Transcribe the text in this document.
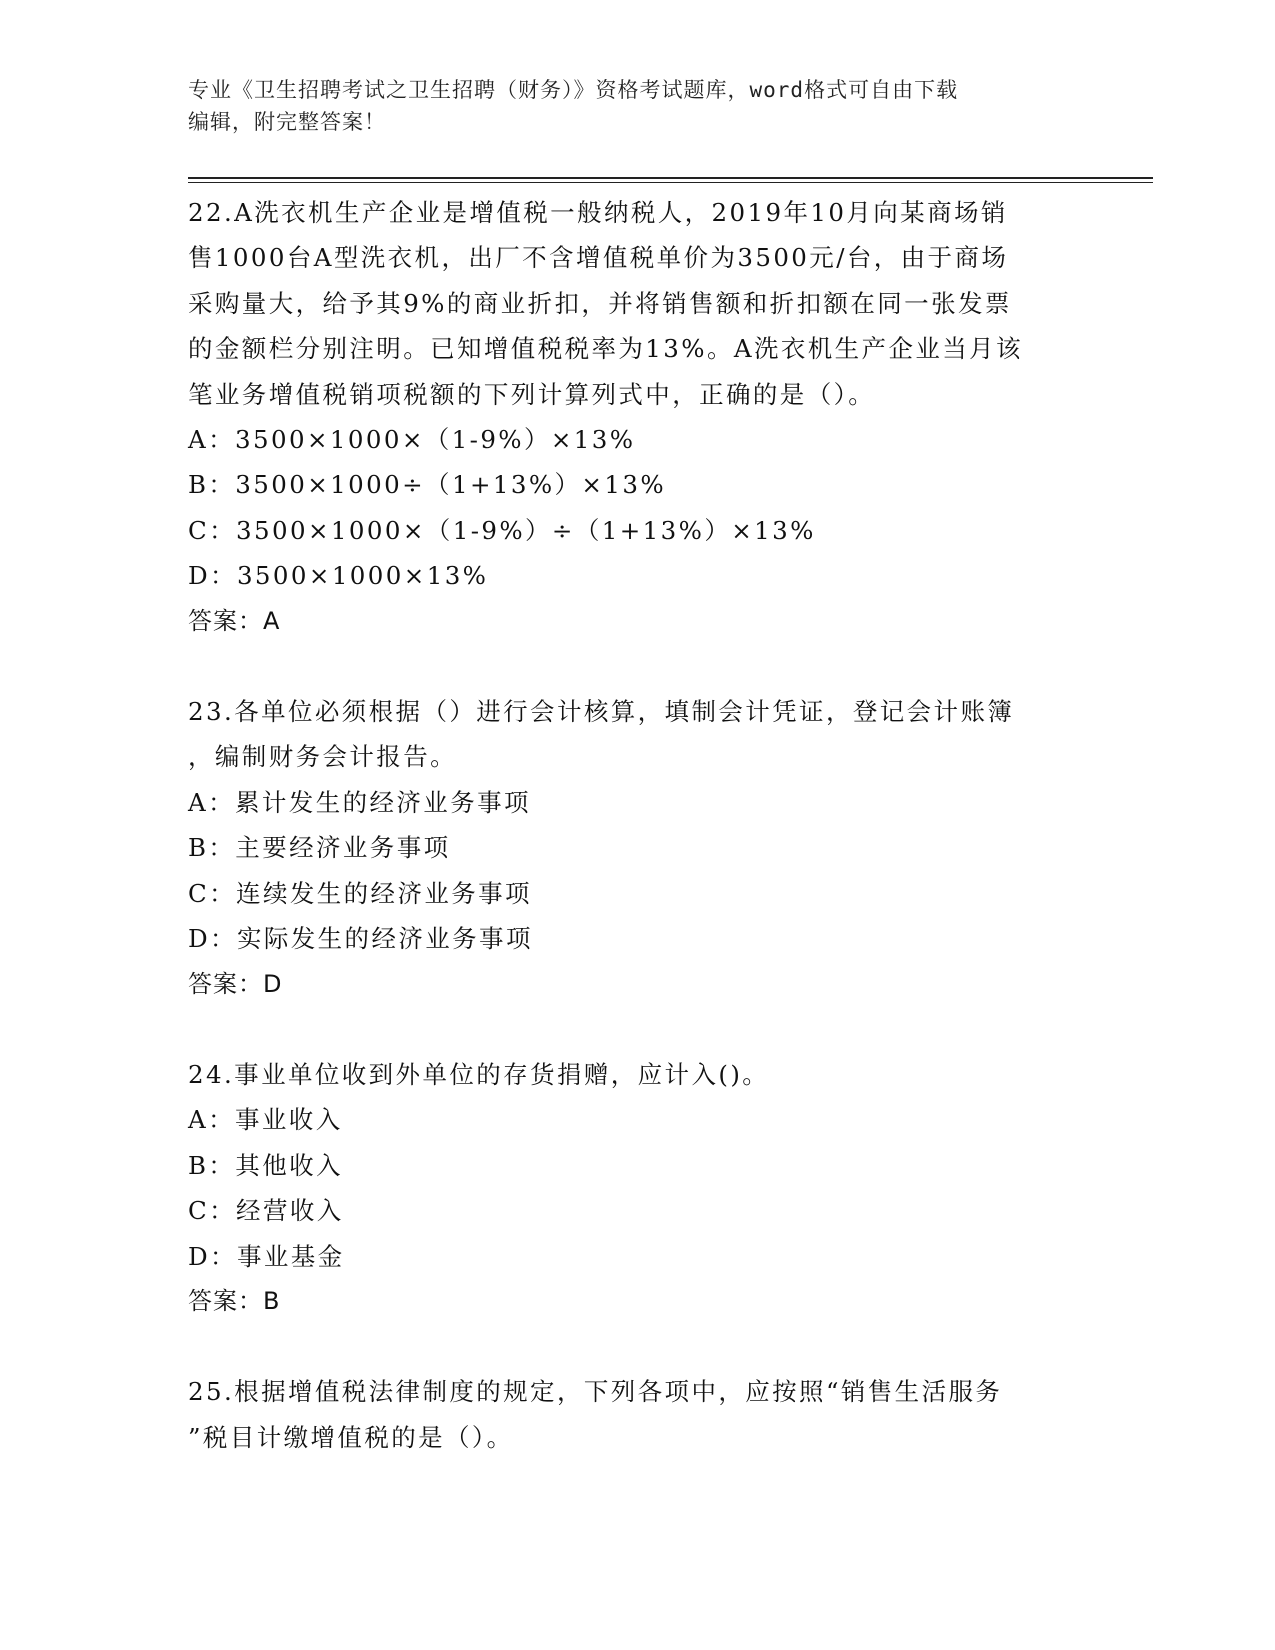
专业《卫生招聘考试之卫生招聘（财务）》资格考试题库，word格式可自由下载
编辑，附完整答案！
22.A洗衣机生产企业是增值税一般纳税人，2019年10月向某商场销
售1000台A型洗衣机，出厂不含增值税单价为3500元/台，由于商场
采购量大，给予其9%的商业折扣，并将销售额和折扣额在同一张发票
的金额栏分别注明。已知增值税税率为13%。A洗衣机生产企业当月该
笔业务增值税销项税额的下列计算列式中，正确的是（）。
A：3500×1000×（1-9%）×13%
B：3500×1000÷（1+13%）×13%
C：3500×1000×（1-9%）÷（1+13%）×13%
D：3500×1000×13%
答案：A
23.各单位必须根据（）进行会计核算，填制会计凭证，登记会计账簿
，编制财务会计报告。
A：累计发生的经济业务事项
B：主要经济业务事项
C：连续发生的经济业务事项
D：实际发生的经济业务事项
答案：D
24.事业单位收到外单位的存货捐赠，应计入()。
A：事业收入
B：其他收入
C：经营收入
D：事业基金
答案：B
25.根据增值税法律制度的规定，下列各项中，应按照“销售生活服务
”税目计缴增值税的是（）。
